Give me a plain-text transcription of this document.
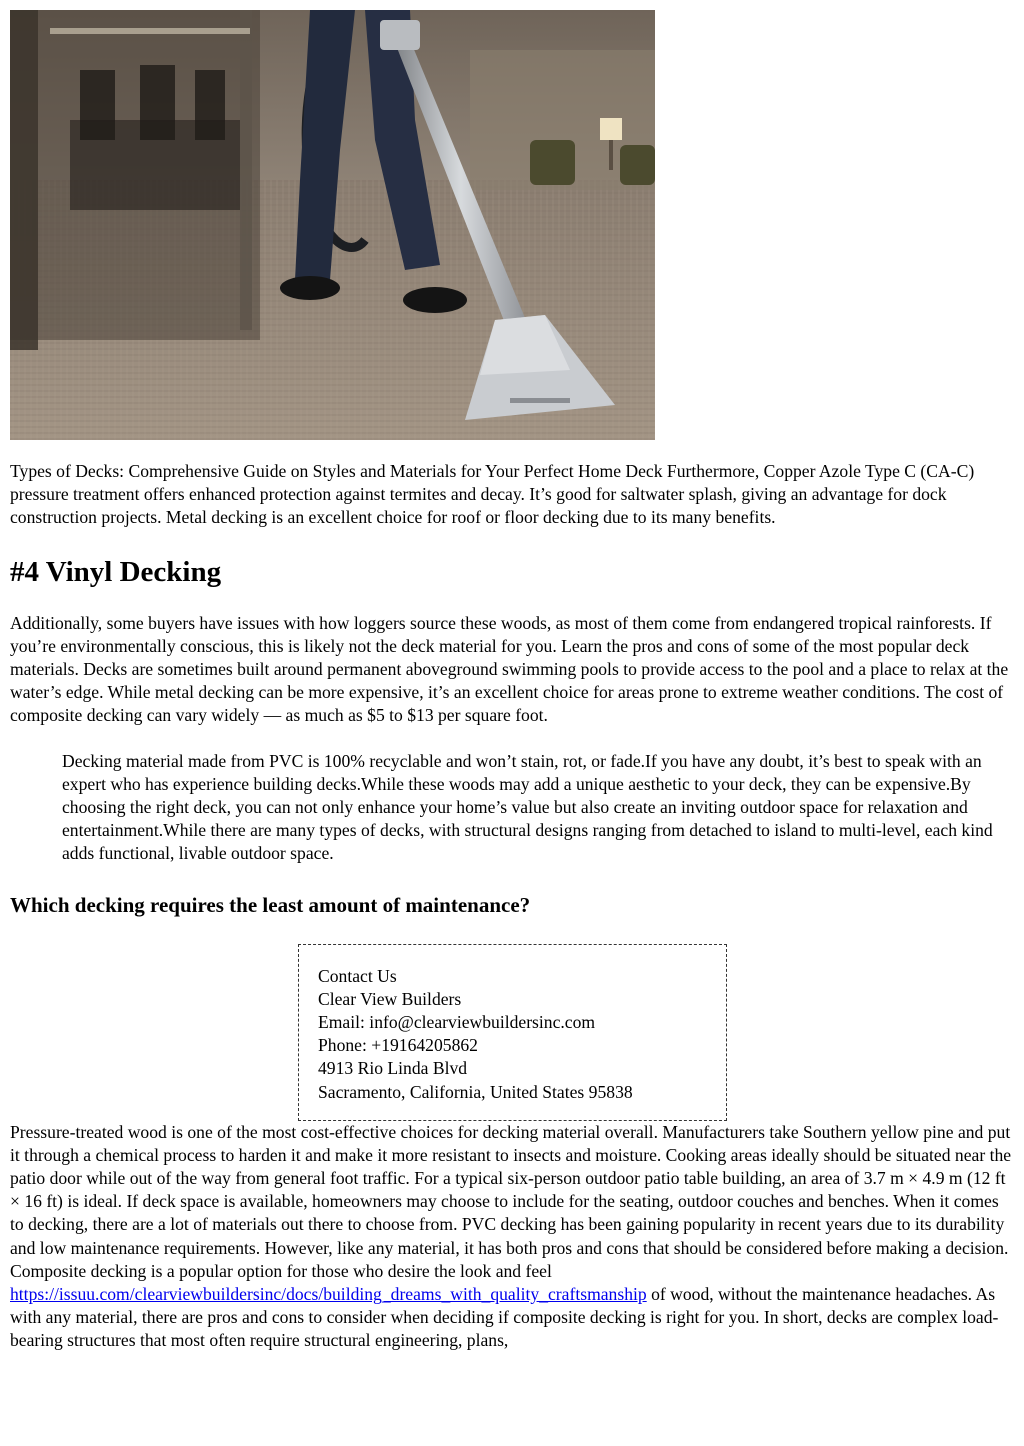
Types of Decks: Comprehensive Guide on Styles and Materials for Your Perfect Home Deck Furthermore, Copper Azole Type C (CA-C) pressure treatment offers enhanced protection against termites and decay. It’s good for saltwater splash, giving an advantage for dock construction projects. Metal decking is an excellent choice for roof or floor decking due to its many benefits.

#4 Vinyl Decking

Additionally, some buyers have issues with how loggers source these woods, as most of them come from endangered tropical rainforests. If you’re environmentally conscious, this is likely not the deck material for you. Learn the pros and cons of some of the most popular deck materials. Decks are sometimes built around permanent aboveground swimming pools to provide access to the pool and a place to relax at the water’s edge. While metal decking can be more expensive, it’s an excellent choice for areas prone to extreme weather conditions. The cost of composite decking can vary widely — as much as $5 to $13 per square foot.

Decking material made from PVC is 100% recyclable and won’t stain, rot, or fade.If you have any doubt, it’s best to speak with an expert who has experience building decks.While these woods may add a unique aesthetic to your deck, they can be expensive.By choosing the right deck, you can not only enhance your home’s value but also create an inviting outdoor space for relaxation and entertainment.While there are many types of decks, with structural designs ranging from detached to island to multi-level, each kind adds functional, livable outdoor space.
Which decking requires the least amount of maintenance?
Contact Us
Clear View Builders
Email: info@clearviewbuildersinc.com
Phone: +19164205862
4913 Rio Linda Blvd
Sacramento, California, United States 95838

Pressure-treated wood is one of the most cost-effective choices for decking material overall. Manufacturers take Southern yellow pine and put it through a chemical process to harden it and make it more resistant to insects and moisture. Cooking areas ideally should be situated near the patio door while out of the way from general foot traffic. For a typical six-person outdoor patio table building, an area of 3.7 m × 4.9 m (12 ft × 16 ft) is ideal. If deck space is available, homeowners may choose to include for the seating, outdoor couches and benches. When it comes to decking, there are a lot of materials out there to choose from. PVC decking has been gaining popularity in recent years due to its durability and low maintenance requirements. However, like any material, it has both pros and cons that should be considered before making a decision. Composite decking is a popular option for those who desire the look and feel https://issuu.com/clearviewbuildersinc/docs/building_dreams_with_quality_craftsmanship of wood, without the maintenance headaches. As with any material, there are pros and cons to consider when deciding if composite decking is right for you. In short, decks are complex load-bearing structures that most often require structural engineering, plans,
